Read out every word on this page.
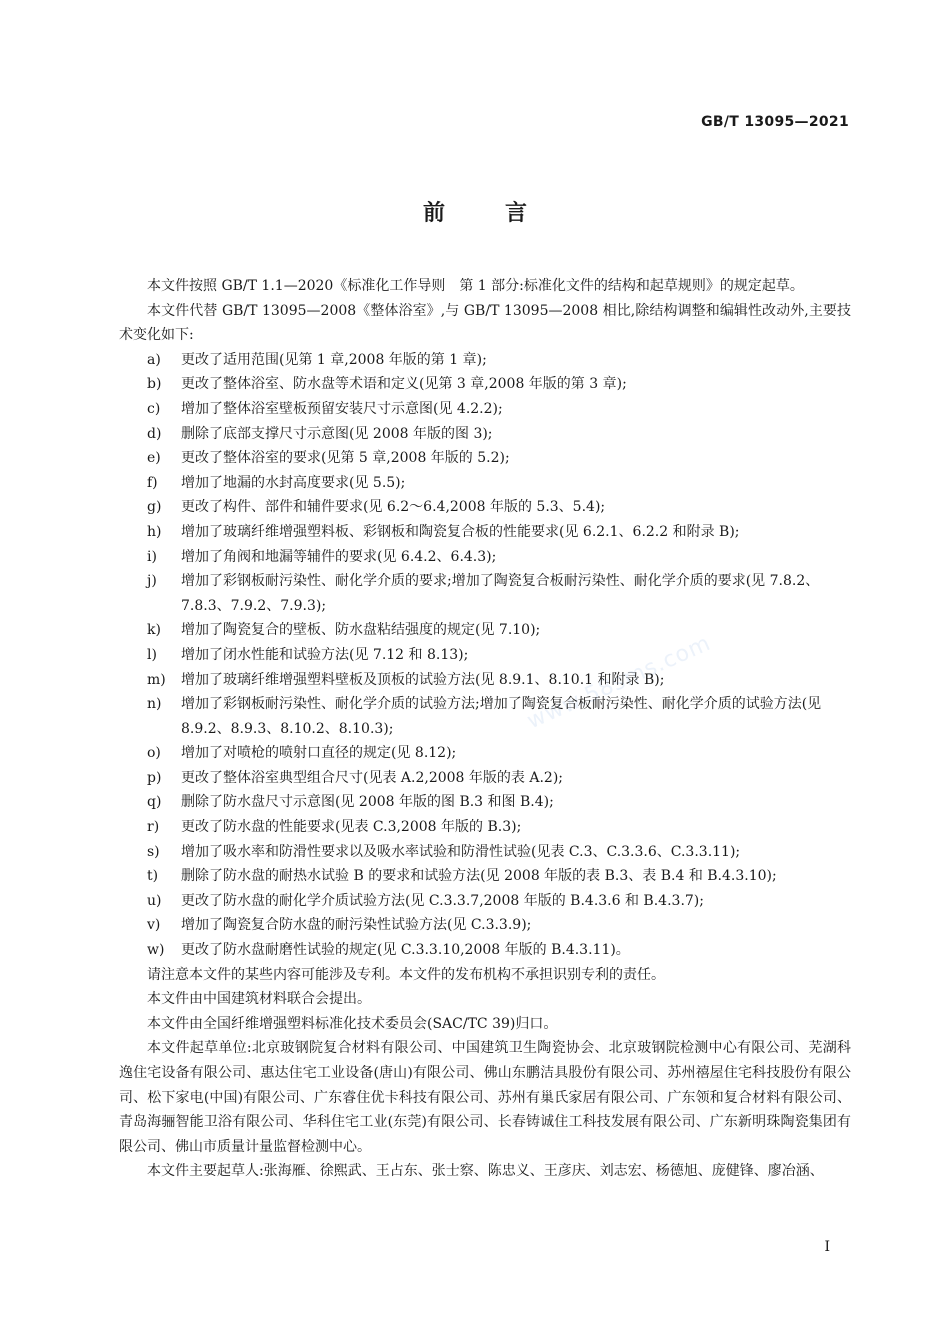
GB/T 13095—2021
前	言
www.58sms.com

本文件按照 GB/T 1.1—2020《标准化工作导则　第 1 部分:标准化文件的结构和起草规则》的规定起草。

本文件代替 GB/T 13095—2008《整体浴室》,与 GB/T 13095—2008 相比,除结构调整和编辑性改动外,主要技术变化如下:

a)	更改了适用范围(见第 1 章,2008 年版的第 1 章);
b)	更改了整体浴室、防水盘等术语和定义(见第 3 章,2008 年版的第 3 章);
c)	增加了整体浴室壁板预留安装尺寸示意图(见 4.2.2);
d)	删除了底部支撑尺寸示意图(见 2008 年版的图 3);
e)	更改了整体浴室的要求(见第 5 章,2008 年版的 5.2);
f)	增加了地漏的水封高度要求(见 5.5);
g)	更改了构件、部件和辅件要求(见 6.2～6.4,2008 年版的 5.3、5.4);
h)	增加了玻璃纤维增强塑料板、彩钢板和陶瓷复合板的性能要求(见 6.2.1、6.2.2 和附录 B);
i)	增加了角阀和地漏等辅件的要求(见 6.4.2、6.4.3);
j)	增加了彩钢板耐污染性、耐化学介质的要求;增加了陶瓷复合板耐污染性、耐化学介质的要求(见 7.8.2、7.8.3、7.9.2、7.9.3);
k)	增加了陶瓷复合的壁板、防水盘粘结强度的规定(见 7.10);
l)	增加了闭水性能和试验方法(见 7.12 和 8.13);
m)	增加了玻璃纤维增强塑料壁板及顶板的试验方法(见 8.9.1、8.10.1 和附录 B);
n)	增加了彩钢板耐污染性、耐化学介质的试验方法;增加了陶瓷复合板耐污染性、耐化学介质的试验方法(见 8.9.2、8.9.3、8.10.2、8.10.3);
o)	增加了对喷枪的喷射口直径的规定(见 8.12);
p)	更改了整体浴室典型组合尺寸(见表 A.2,2008 年版的表 A.2);
q)	删除了防水盘尺寸示意图(见 2008 年版的图 B.3 和图 B.4);
r)	更改了防水盘的性能要求(见表 C.3,2008 年版的 B.3);
s)	增加了吸水率和防滑性要求以及吸水率试验和防滑性试验(见表 C.3、C.3.3.6、C.3.3.11);
t)	删除了防水盘的耐热水试验 B 的要求和试验方法(见 2008 年版的表 B.3、表 B.4 和 B.4.3.10);
u)	更改了防水盘的耐化学介质试验方法(见 C.3.3.7,2008 年版的 B.4.3.6 和 B.4.3.7);
v)	增加了陶瓷复合防水盘的耐污染性试验方法(见 C.3.3.9);
w)	更改了防水盘耐磨性试验的规定(见 C.3.3.10,2008 年版的 B.4.3.11)。

请注意本文件的某些内容可能涉及专利。本文件的发布机构不承担识别专利的责任。

本文件由中国建筑材料联合会提出。

本文件由全国纤维增强塑料标准化技术委员会(SAC/TC 39)归口。

本文件起草单位:北京玻钢院复合材料有限公司、中国建筑卫生陶瓷协会、北京玻钢院检测中心有限公司、芜湖科逸住宅设备有限公司、惠达住宅工业设备(唐山)有限公司、佛山东鹏洁具股份有限公司、苏州禧屋住宅科技股份有限公司、松下家电(中国)有限公司、广东睿住优卡科技有限公司、苏州有巢氏家居有限公司、广东领和复合材料有限公司、青岛海骊智能卫浴有限公司、华科住宅工业(东莞)有限公司、长春铸诚住工科技发展有限公司、广东新明珠陶瓷集团有限公司、佛山市质量计量监督检测中心。

本文件主要起草人:张海雁、徐熙武、王占东、张士察、陈忠义、王彦庆、刘志宏、杨德旭、庞健锋、廖冶涵、

I
